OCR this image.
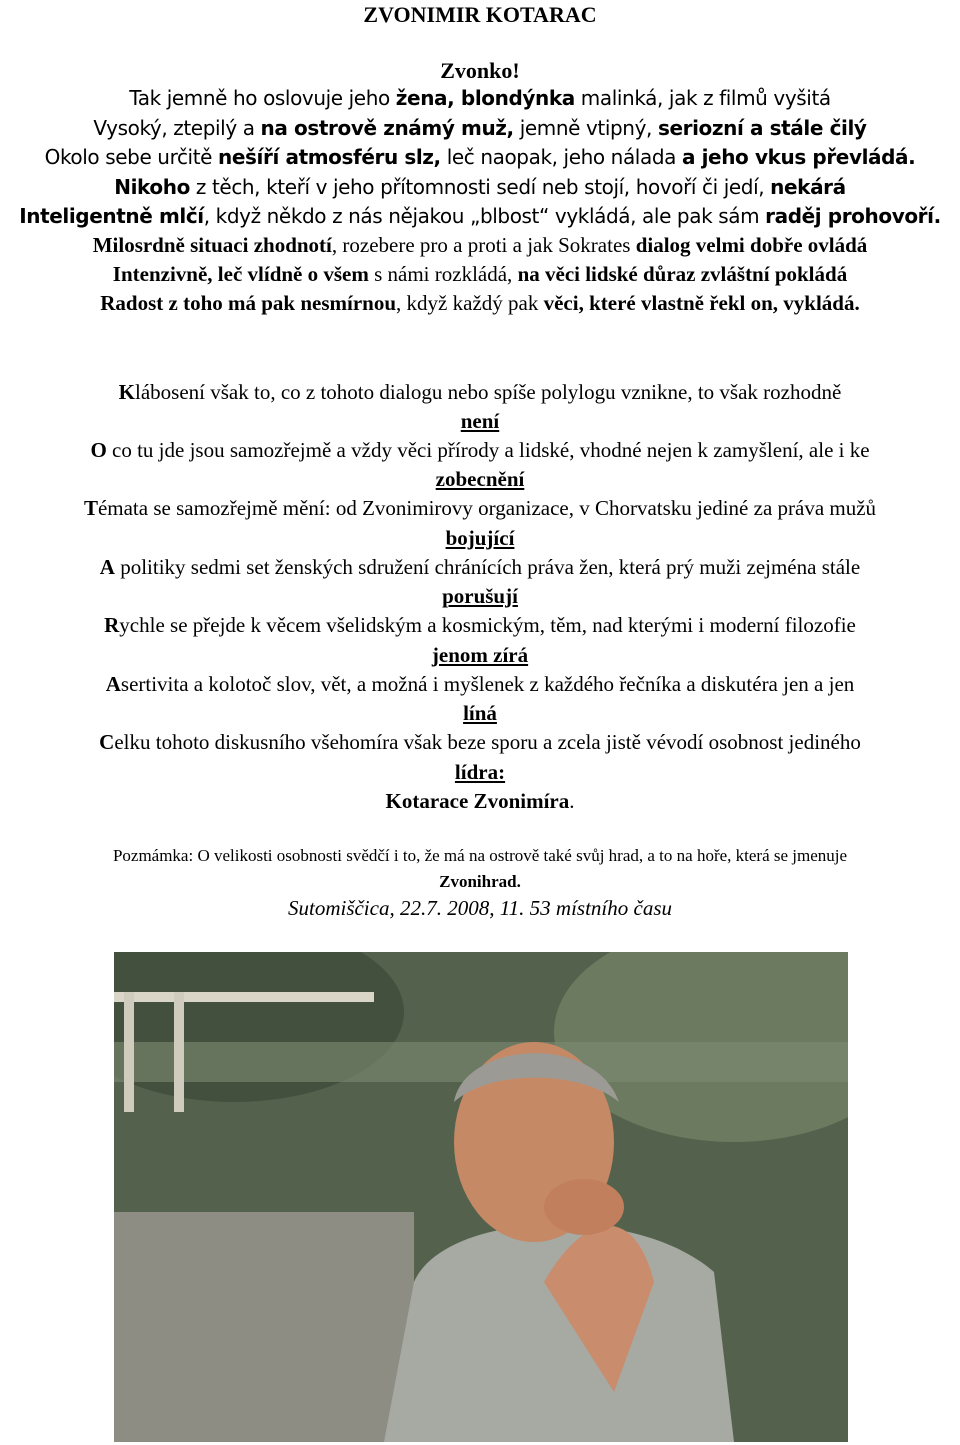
ZVONIMIR KOTARAC
Zvonko!
Tak jemně ho oslovuje jeho žena, blondýnka malinká, jak z filmů vyšitá
Vysoký, ztepilý a na ostrově známý muž, jemně vtipný, seriozní a stále čilý
Okolo sebe určitě nešíří atmosféru slz, leč naopak, jeho nálada a jeho vkus převládá.
Nikoho z těch, kteří v jeho přítomnosti sedí neb stojí, hovoří či jedí, nekárá
Inteligentně mlčí, když někdo z nás nějakou „blbost“ vykládá, ale pak sám raděj prohovoří.
Milosrdně situaci zhodnotí, rozebere pro a proti a jak Sokrates dialog velmi dobře ovládá
Intenzivně, leč vlídně o všem s námi rozkládá, na věci lidské důraz zvláštní pokládá
Radost z toho má pak nesmírnou, když každý pak věci, které vlastně řekl on, vykládá.
Klábosení však to, co z tohoto dialogu nebo spíše polylogu vznikne, to však rozhodně
není
O co tu jde jsou samozřejmě a vždy věci přírody a lidské, vhodné nejen k zamyšlení, ale i ke
zobecnění
Témata se samozřejmě mění: od Zvonimirovy organizace, v Chorvatsku jediné za práva mužů
bojující
A politiky sedmi set ženských sdružení chránících práva žen, která prý muži zejména stále
porušují
Rychle se přejde k věcem všelidským a kosmickým, těm, nad kterými i moderní filozofie
jenom zírá
Asertivita a kolotoč slov, vět, a možná i myšlenek z každého řečníka a diskutéra jen a jen
líná
Celku tohoto diskusního všehomíra však beze sporu a zcela jistě vévodí osobnost jediného
lídra:
Kotarace Zvonimíra.
Pozmámka: O velikosti osobnosti svědčí i to, že má na ostrově také svůj hrad, a to na hoře, která se jmenuje
Zvonihrad.
Sutomiščica, 22.7. 2008, 11. 53 místního času
